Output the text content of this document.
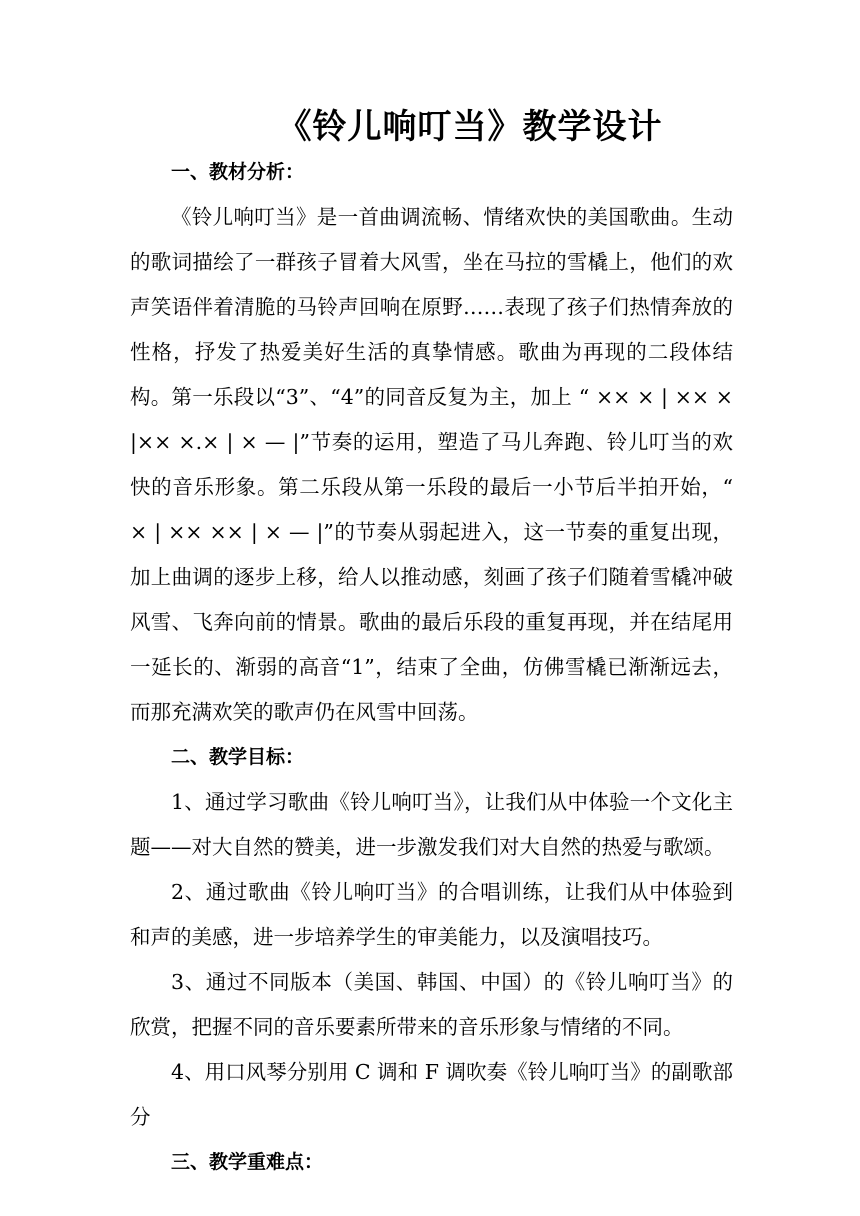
《铃儿响叮当》教学设计

一、教材分析：

《铃儿响叮当》是一首曲调流畅、情绪欢快的美国歌曲。生动的歌词描绘了一群孩子冒着大风雪，坐在马拉的雪橇上，他们的欢声笑语伴着清脆的马铃声回响在原野……表现了孩子们热情奔放的性格，抒发了热爱美好生活的真挚情感。歌曲为再现的二段体结构。第一乐段以“3”、“4”的同音反复为主，加上 “ ×× × | ×× × |×× ×.× | × — |”节奏的运用，塑造了马儿奔跑、铃儿叮当的欢快的音乐形象。第二乐段从第一乐段的最后一小节后半拍开始，“ × | ×× ×× | × — |”的节奏从弱起进入，这一节奏的重复出现，加上曲调的逐步上移，给人以推动感，刻画了孩子们随着雪橇冲破风雪、飞奔向前的情景。歌曲的最后乐段的重复再现，并在结尾用一延长的、渐弱的高音“1”，结束了全曲，仿佛雪橇已渐渐远去，而那充满欢笑的歌声仍在风雪中回荡。

二、教学目标：

1、通过学习歌曲《铃儿响叮当》，让我们从中体验一个文化主题——对大自然的赞美，进一步激发我们对大自然的热爱与歌颂。

2、通过歌曲《铃儿响叮当》的合唱训练，让我们从中体验到和声的美感，进一步培养学生的审美能力，以及演唱技巧。

3、通过不同版本（美国、韩国、中国）的《铃儿响叮当》的欣赏，把握不同的音乐要素所带来的音乐形象与情绪的不同。

4、用口风琴分别用 C 调和 F 调吹奏《铃儿响叮当》的副歌部分

三、教学重难点：
